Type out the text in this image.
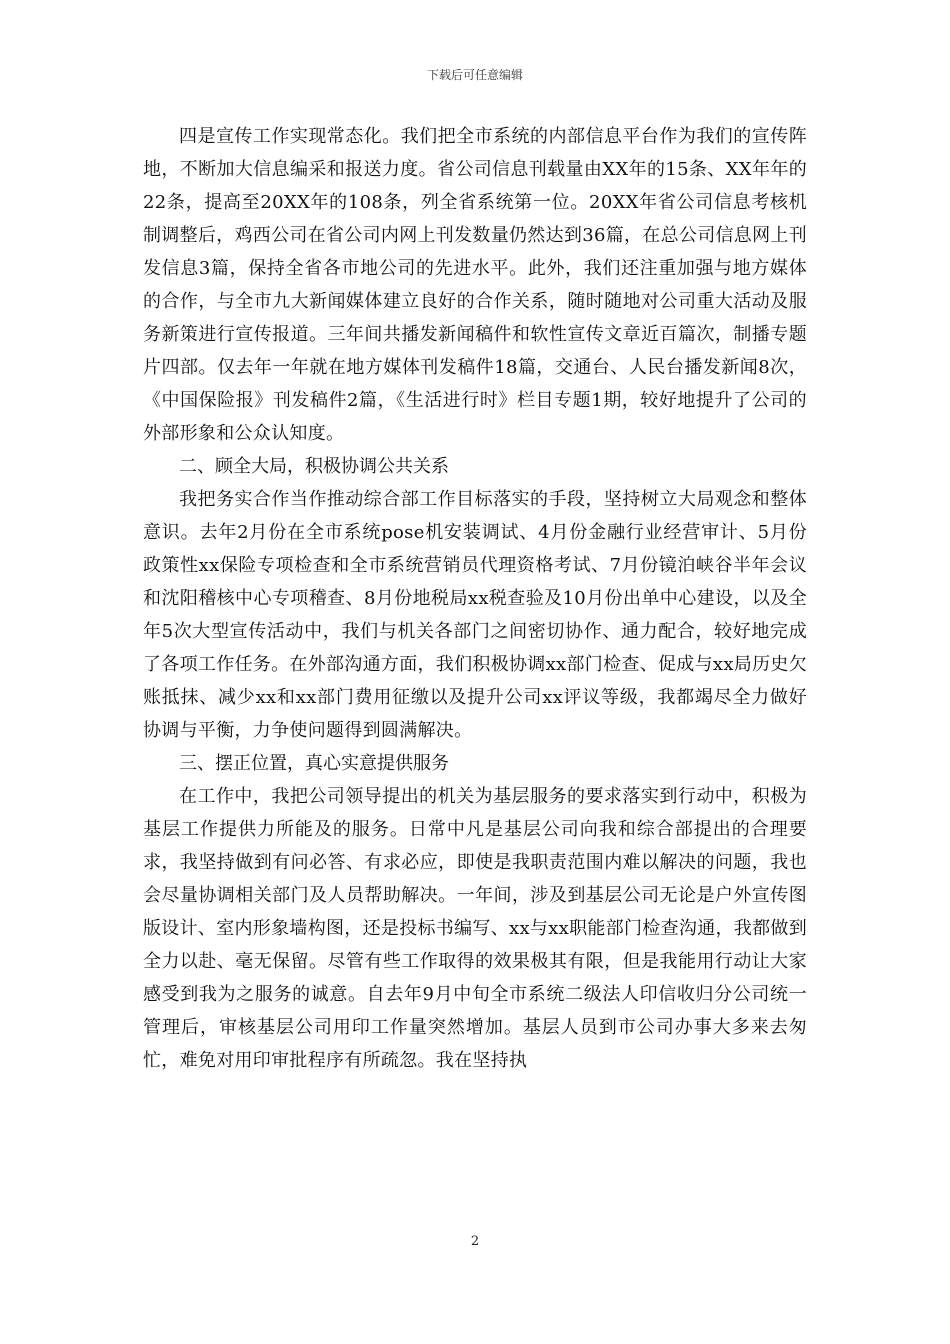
下载后可任意编辑

四是宣传工作实现常态化。我们把全市系统的内部信息平台作为我们的宣传阵地，不断加大信息编采和报送力度。省公司信息刊载量由XX年的15条、XX年年的22条，提高至20XX年的108条，列全省系统第一位。20XX年省公司信息考核机制调整后，鸡西公司在省公司内网上刊发数量仍然达到36篇，在总公司信息网上刊发信息3篇，保持全省各市地公司的先进水平。此外，我们还注重加强与地方媒体的合作，与全市九大新闻媒体建立良好的合作关系，随时随地对公司重大活动及服务新策进行宣传报道。三年间共播发新闻稿件和软性宣传文章近百篇次，制播专题片四部。仅去年一年就在地方媒体刊发稿件18篇，交通台、人民台播发新闻8次，《中国保险报》刊发稿件2篇，《生活进行时》栏目专题1期，较好地提升了公司的外部形象和公众认知度。

二、顾全大局，积极协调公共关系

我把务实合作当作推动综合部工作目标落实的手段，坚持树立大局观念和整体意识。去年2月份在全市系统pose机安装调试、4月份金融行业经营审计、5月份政策性xx保险专项检查和全市系统营销员代理资格考试、7月份镜泊峡谷半年会议和沈阳稽核中心专项稽查、8月份地税局xx税查验及10月份出单中心建设，以及全年5次大型宣传活动中，我们与机关各部门之间密切协作、通力配合，较好地完成了各项工作任务。在外部沟通方面，我们积极协调xx部门检查、促成与xx局历史欠账抵抹、减少xx和xx部门费用征缴以及提升公司xx评议等级，我都竭尽全力做好协调与平衡，力争使问题得到圆满解决。

三、摆正位置，真心实意提供服务

在工作中，我把公司领导提出的机关为基层服务的要求落实到行动中，积极为基层工作提供力所能及的服务。日常中凡是基层公司向我和综合部提出的合理要求，我坚持做到有问必答、有求必应，即使是我职责范围内难以解决的问题，我也会尽量协调相关部门及人员帮助解决。一年间，涉及到基层公司无论是户外宣传图版设计、室内形象墙构图，还是投标书编写、xx与xx职能部门检查沟通，我都做到全力以赴、毫无保留。尽管有些工作取得的效果极其有限，但是我能用行动让大家感受到我为之服务的诚意。自去年9月中旬全市系统二级法人印信收归分公司统一管理后，审核基层公司用印工作量突然增加。基层人员到市公司办事大多来去匆忙，难免对用印审批程序有所疏忽。我在坚持执

2
